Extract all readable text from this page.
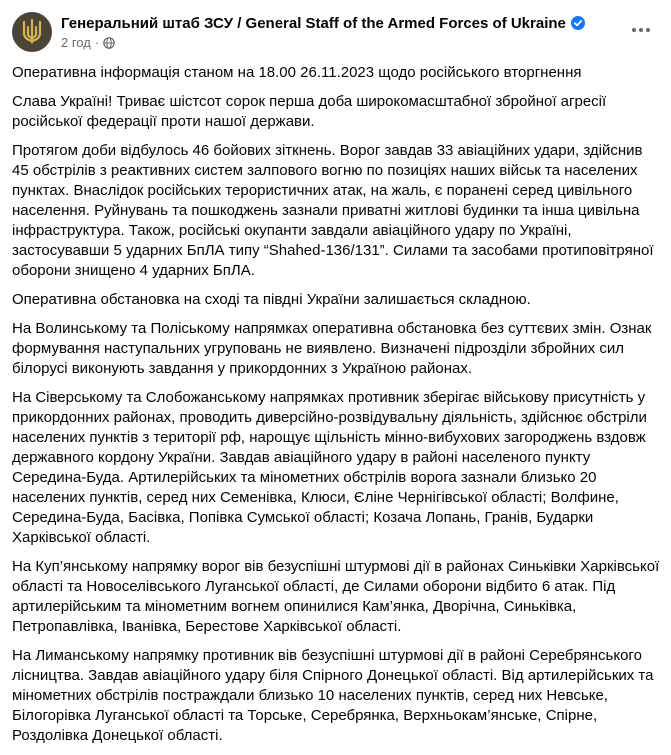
Генеральний штаб ЗСУ / General Staff of the Armed Forces of Ukraine
2 год ·

Оперативна інформація станом на 18.00 26.11.2023 щодо російського вторгнення

Слава Україні! Триває шістсот сорок перша доба широкомасштабної збройної агресії російської федерації проти нашої держави.

Протягом доби відбулось 46 бойових зіткнень. Ворог завдав 33 авіаційних удари, здійснив 45 обстрілів з реактивних систем залпового вогню по позиціях наших військ та населених пунктах. Внаслідок російських терористичних атак, на жаль, є поранені серед цивільного населення. Руйнувань та пошкоджень зазнали приватні житлові будинки та інша цивільна інфраструктура. Також, російські окупанти завдали авіаційного удару по Україні, застосувавши 5 ударних БпЛА типу “Shahed-136/131”. Силами та засобами протиповітряної оборони знищено 4 ударних БпЛА.

Оперативна обстановка на сході та півдні України залишається складною.

На Волинському та Поліському напрямках оперативна обстановка без суттєвих змін. Ознак формування наступальних угруповань не виявлено. Визначені підрозділи збройних сил білорусі виконують завдання у прикордонних з Україною районах.

На Сіверському та Слобожанському напрямках противник зберігає військову присутність у прикордонних районах, проводить диверсійно-розвідувальну діяльність, здійснює обстріли населених пунктів з території рф, нарощує щільність мінно-вибухових загороджень вздовж державного кордону України. Завдав авіаційного удару в районі населеного пункту Середина-Буда. Артилерійських та мінометних обстрілів ворога зазнали близько 20 населених пунктів, серед них Семенівка, Клюси, Єліне Чернігівської області; Волфине, Середина-Буда, Басівка, Попівка Сумської області; Козача Лопань, Гранів, Бударки Харківської області.

На Куп’янському напрямку ворог вів безуспішні штурмові дії в районах Синьківки Харківської області та Новоселівського Луганської області, де Силами оборони відбито 6 атак. Під артилерійським та мінометним вогнем опинилися Кам’янка, Дворічна, Синьківка, Петропавлівка, Іванівка, Берестове Харківської області.

На Лиманському напрямку противник вів безуспішні штурмові дії в районі Серебрянського лісництва. Завдав авіаційного удару біля Спірного Донецької області. Від артилерійських та мінометних обстрілів постраждали близько 10 населених пунктів, серед них Невське, Білогорівка Луганської області та Торське, Серебрянка, Верхньокам’янське, Спірне, Роздолівка Донецької області.
